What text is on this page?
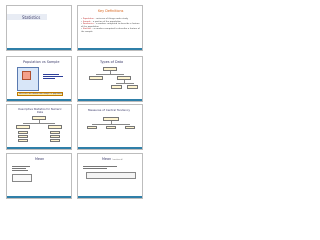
Statistics
Key Definitions
• Population – universe of things under study
• Sample – a portion of the population
• Parameter – a number computed to describe a feature of the population
• Statistic – a number computed to describe a feature of the sample
Population vs Sample
Inferences are drawn from sample to population
Types of Data
Descriptive Statistics for Numeric Data
Measures of Central Tendency
Mean	Mean (continued)
